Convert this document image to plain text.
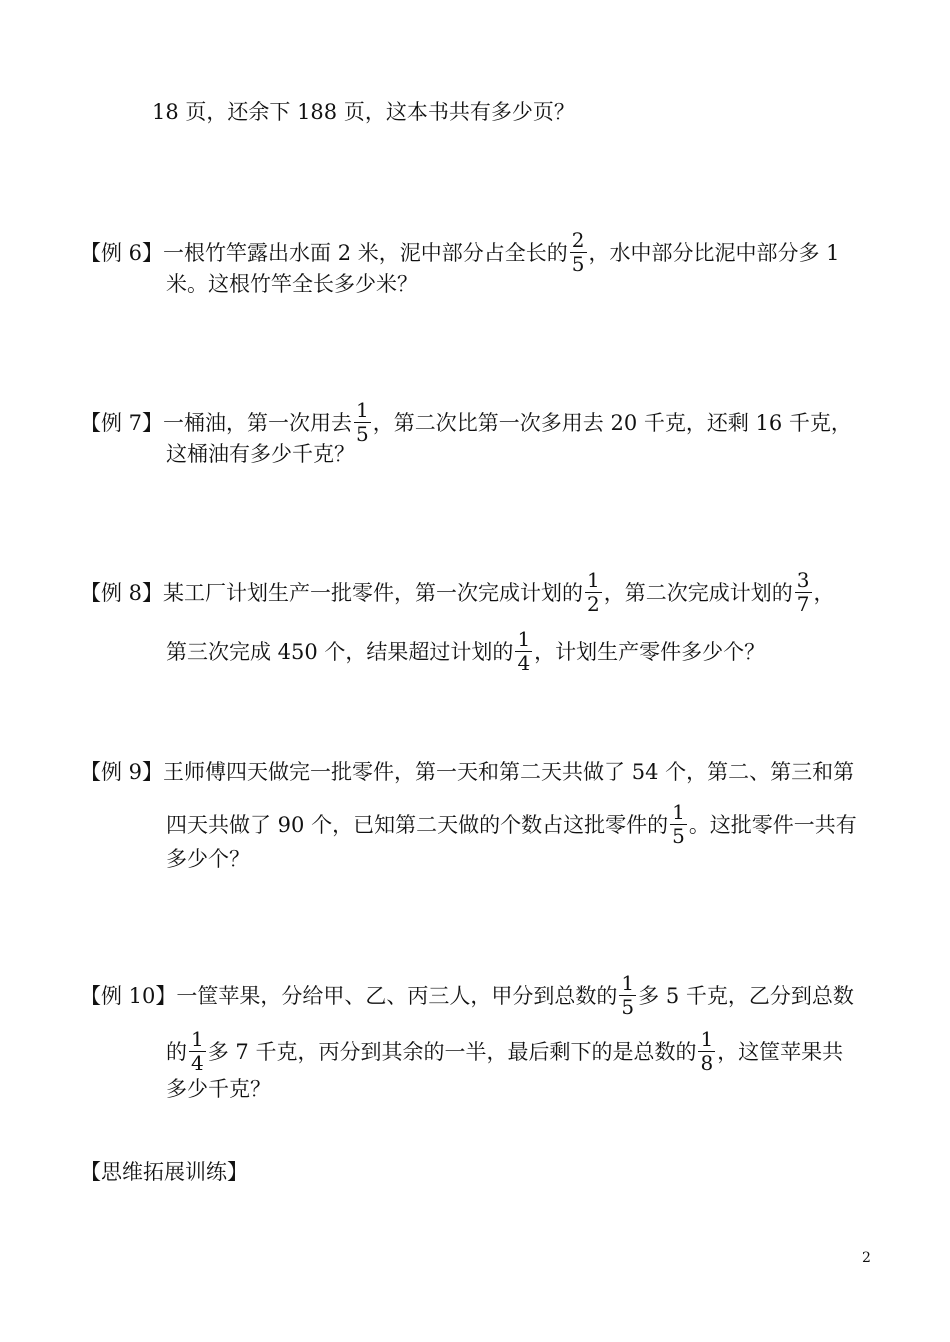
18 页，还余下 188 页，这本书共有多少页？
【例 6】一根竹竿露出水面 2 米，泥中部分占全长的 $\frac{2}{5}$ ，水中部分比泥中部分多 1
米。这根竹竿全长多少米？
【例 7】一桶油，第一次用去 $\frac{1}{5}$ ，第二次比第一次多用去 20 千克，还剩 16 千克，
这桶油有多少千克？
【例 8】某工厂计划生产一批零件，第一次完成计划的 $\frac{1}{2}$ ，第二次完成计划的 $\frac{3}{7}$ ，
第三次完成 450 个，结果超过计划的 $\frac{1}{4}$ ，计划生产零件多少个？
【例 9】王师傅四天做完一批零件，第一天和第二天共做了 54 个，第二、第三和第
四天共做了 90 个，已知第二天做的个数占这批零件的 $\frac{1}{5}$ 。这批零件一共有
多少个？
【例 10】一筐苹果，分给甲、乙、丙三人，甲分到总数的 $\frac{1}{5}$ 多 5 千克，乙分到总数
的 $\frac{1}{4}$ 多 7 千克，丙分到其余的一半，最后剩下的是总数的 $\frac{1}{8}$ ，这筐苹果共
多少千克？
【思维拓展训练】
2
